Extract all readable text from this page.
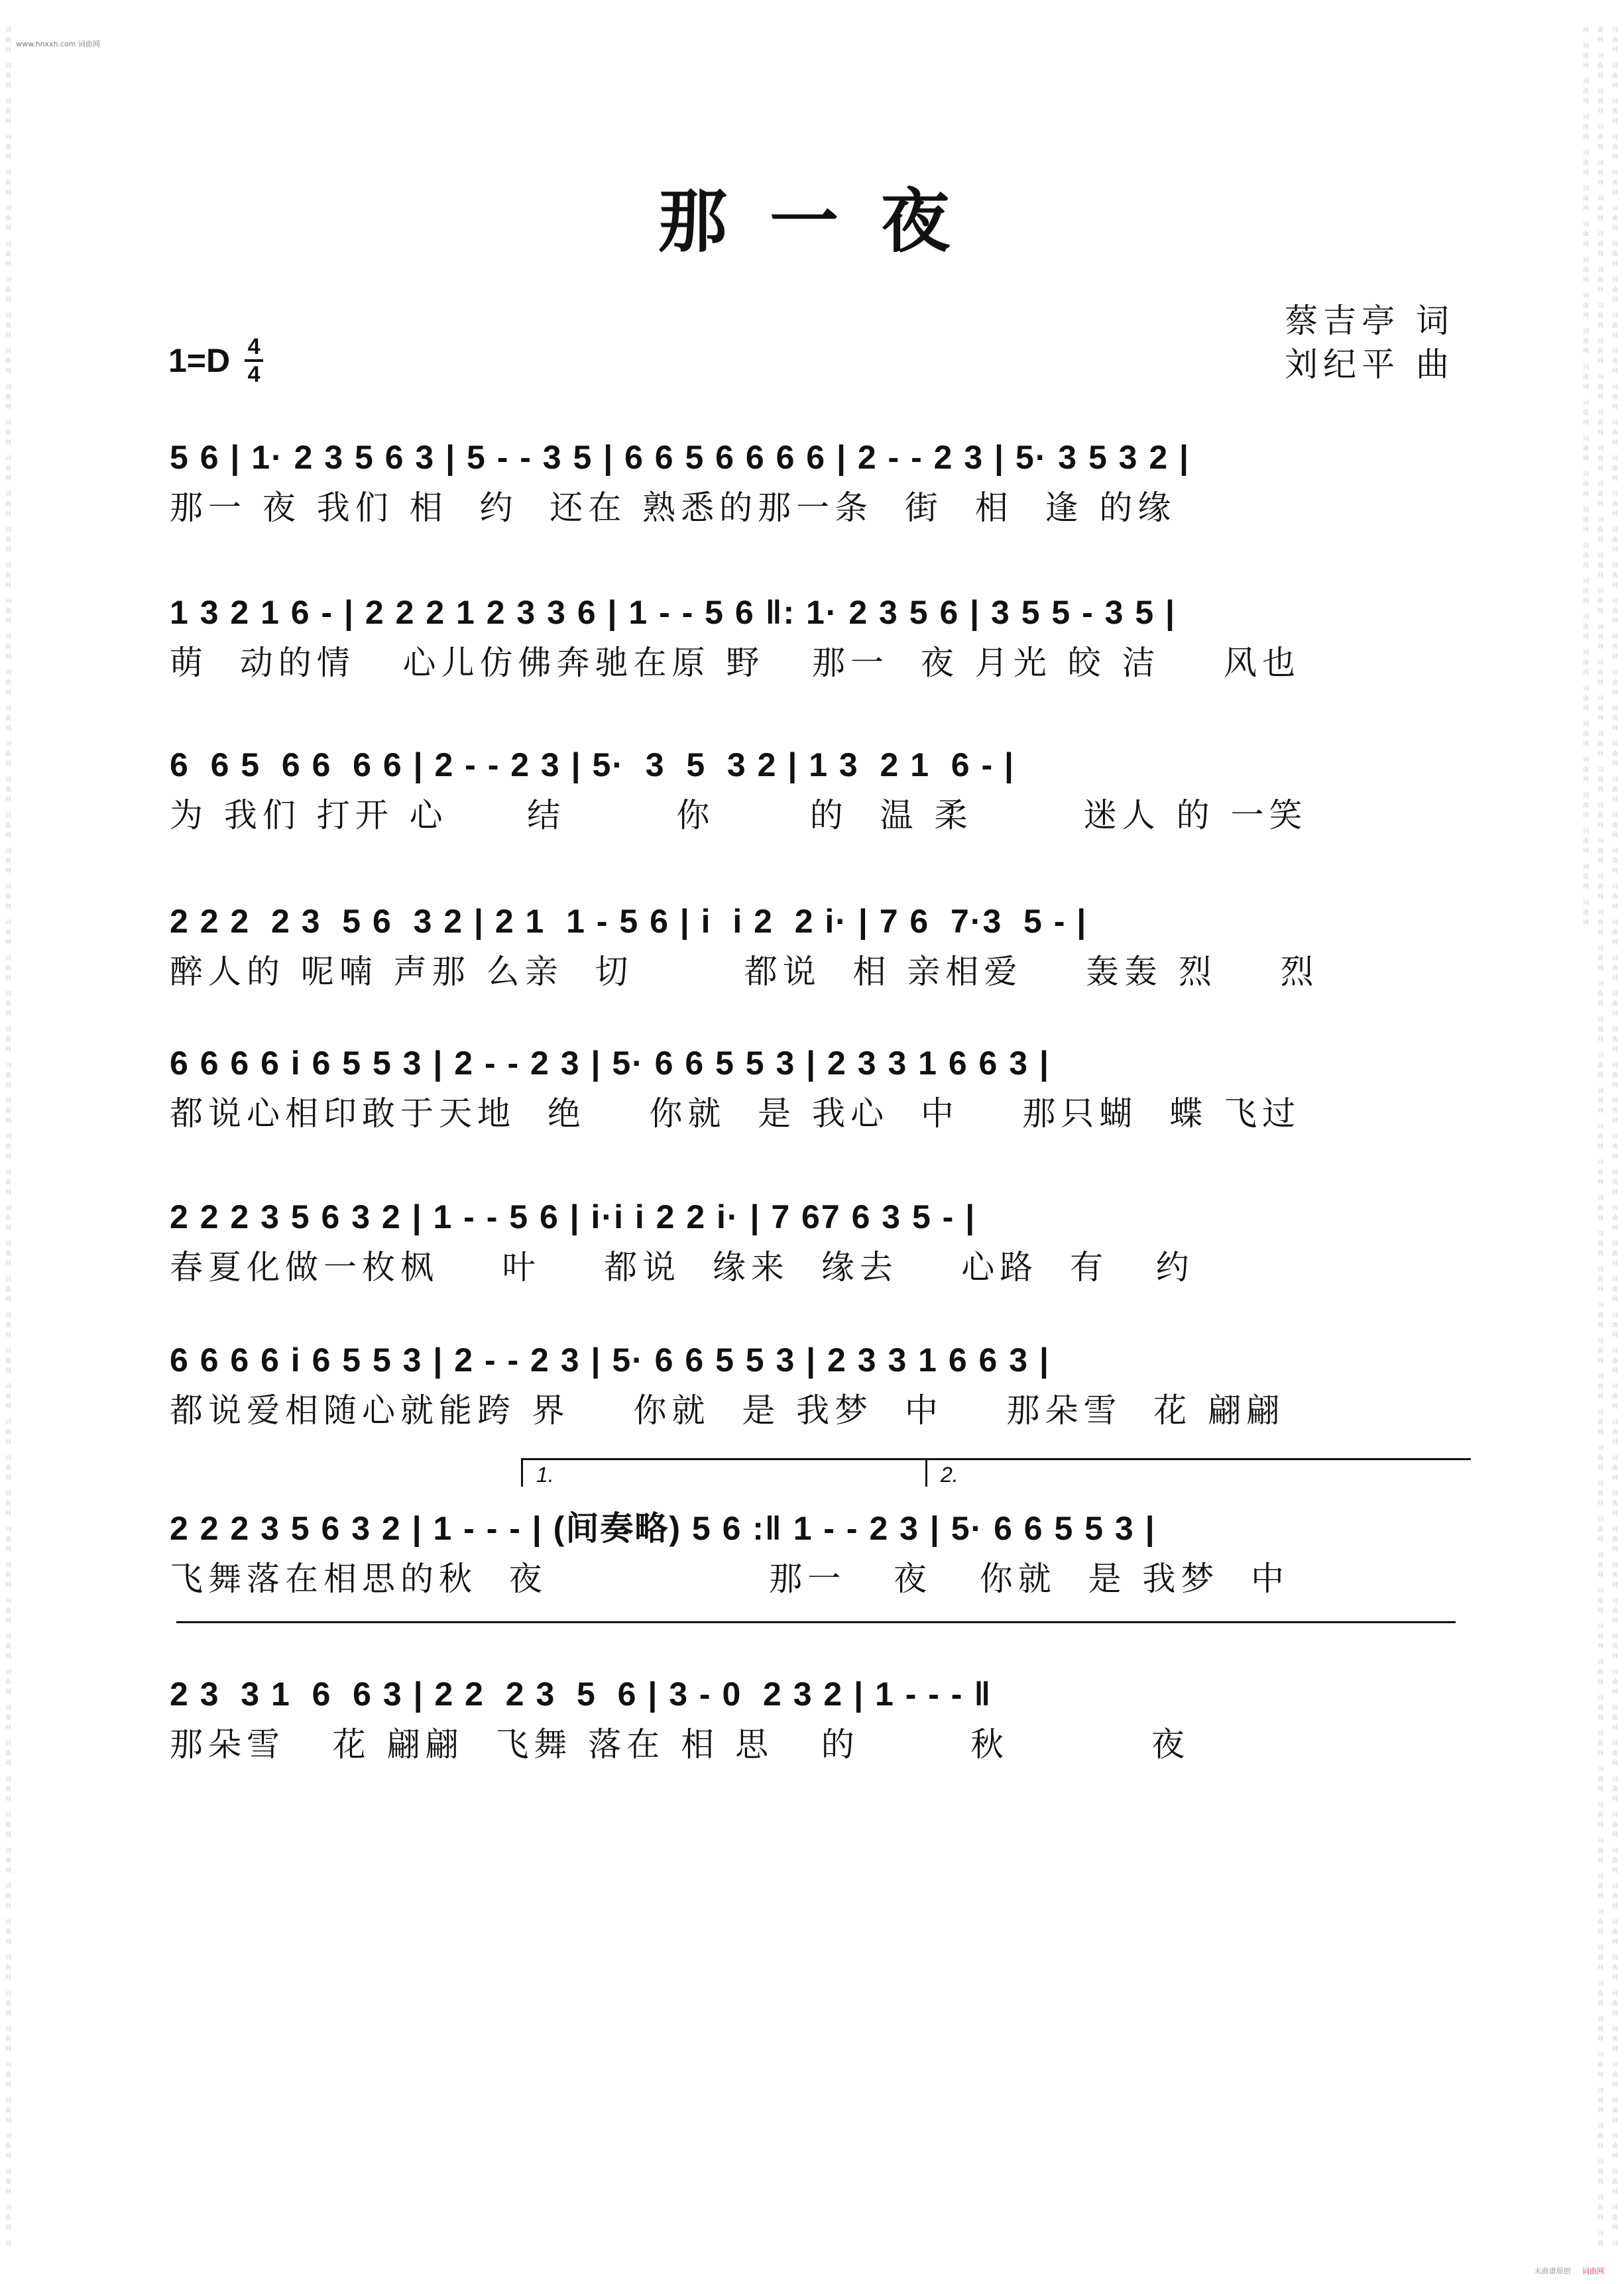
词曲网 词曲网 词曲网 词曲网 词曲网 词曲网 词曲网 词曲网 词曲网 词曲网 词曲网 词曲网 词曲网 词曲网 词曲网 词曲网 词曲网 词曲网 词曲网 词曲网 词曲网 词曲网 词曲网 词曲网 词曲网 词曲网 词曲网 词曲网 词曲网 词曲网 词曲网 词曲网 词曲网 词曲网 词曲网 词曲网 词曲网 词曲网 词曲网 词曲网 词曲网 词曲网 词曲网 词曲网 词曲网 词曲网 词曲网 词曲网 词曲网 词曲网 词曲网 词曲网 词曲网 词曲网 词曲网 词曲网 词曲网 词曲网 词曲网 词曲网 词曲网 词曲网 词	词曲网 词曲网 词曲网 词曲网 词曲网 词曲网 词曲网 词曲网 词曲网 词曲网 词曲网 词曲网 词曲网 词曲网 词曲网 词曲网 词曲网 词曲网 词曲网 词曲网 词曲网 词曲网 词曲网 词曲网 词曲网 词曲网 词曲网 词曲网 词曲网 词曲网 词曲网 词曲网 词曲网 词曲网 词曲网 词曲网 词曲网 词曲网 词曲网 词曲网 词曲网 词曲网 词曲网 词曲网 词曲网 词曲网 词曲网 词曲网 词曲网 词曲网 词曲网 词曲网 词曲网 词曲网 词曲网 词曲网 词曲网 词曲网 词曲网 词曲网 词曲网 词曲网 词曲网 词曲网 词曲网 词曲网 词曲网 词曲网 词曲网 词曲网 词曲网 词曲网 词曲网 词曲网 词曲网 词曲网 词曲网 词曲网 词曲网 词曲网 词曲网 词曲网 词曲网 词曲网 词曲网 词曲网 词曲网 词曲网 词曲网 词曲网 词曲网 词曲网 词曲网 词曲网 词曲网 词曲网 词曲网 词曲网 词曲网 词曲网 词曲网 词曲网 词曲网 词曲网 词曲网 词曲网 词曲网 词曲网 词曲网 词曲网 词曲网 词曲网 词曲网 词曲网 词曲网 词曲网 词曲网 词曲网 词曲网 词曲网 词曲网 词曲网 词曲网 词曲网 词曲网 词曲网 词曲网 词曲网 词曲网 词曲网 词曲网 词曲网 词曲网 词曲网 词曲网 词曲网 词曲网 词曲网 词曲网 词曲网 词曲网 词曲网 词曲网 词曲网 词曲网 词曲网 词曲网 词曲网 词曲网 词曲网
www.hnxxh.com 词曲网
那一夜
蔡吉亭 词
刘纪平 曲
1=D 4
4
5 6 | 1· 2 3 5 6 3 | 5 - - 3 5 | 6 6 5 6 6 6 6 | 2 - - 2 3 | 5· 3 5 3 2 |
那一 夜 我们 相  约  还在 熟悉的那一条  街  相  逢 的缘
1 3 2 1 6 - | 2 2 2 1 2 3 3 6 | 1 - - 5 6 ‖: 1· 2 3 5 6 | 3 5 5 - 3 5 |
萌  动的情   心儿仿佛奔驰在原 野   那一  夜 月光 皎 洁    风也
6  6 5  6 6  6 6 | 2 - - 2 3 | 5·  3  5  3 2 | 1 3  2 1  6 - |
为 我们 打开 心     结       你      的  温 柔       迷人 的 一笑
2 2 2  2 3  5 6  3 2 | 2 1  1 - 5 6 | i  i 2  2 i· | 7 6  7·3  5 - |
醉人的 呢喃 声那 么亲  切       都说  相 亲相爱    轰轰 烈    烈
6 6 6 6 i 6 5 5 3 | 2 - - 2 3 | 5· 6 6 5 5 3 | 2 3 3 1 6 6 3 |
都说心相印敢于天地  绝    你就  是 我心  中    那只蝴  蝶 飞过
2 2 2 3 5 6 3 2 | 1 - - 5 6 | i·i i 2 2 i· | 7 67 6 3 5 - |
春夏化做一枚枫    叶    都说  缘来  缘去    心路  有   约
6 6 6 6 i 6 5 5 3 | 2 - - 2 3 | 5· 6 6 5 5 3 | 2 3 3 1 6 6 3 |
都说爱相随心就能跨 界    你就  是 我梦  中    那朵雪  花 翩翩
1.	2.
2 2 2 3 5 6 3 2 | 1 - - - | (间奏略) 5 6 :‖ 1 - - 2 3 | 5· 6 6 5 5 3 |
飞舞落在相思的秋  夜              那一   夜   你就  是 我梦  中
2 3  3 1  6  6 3 | 2 2  2 3  5  6 | 3 - 0  2 3 2 | 1 - - - ‖
那朵雪   花 翩翩  飞舞 落在 相 思   的       秋         夜
未曲谱原创 词曲网
